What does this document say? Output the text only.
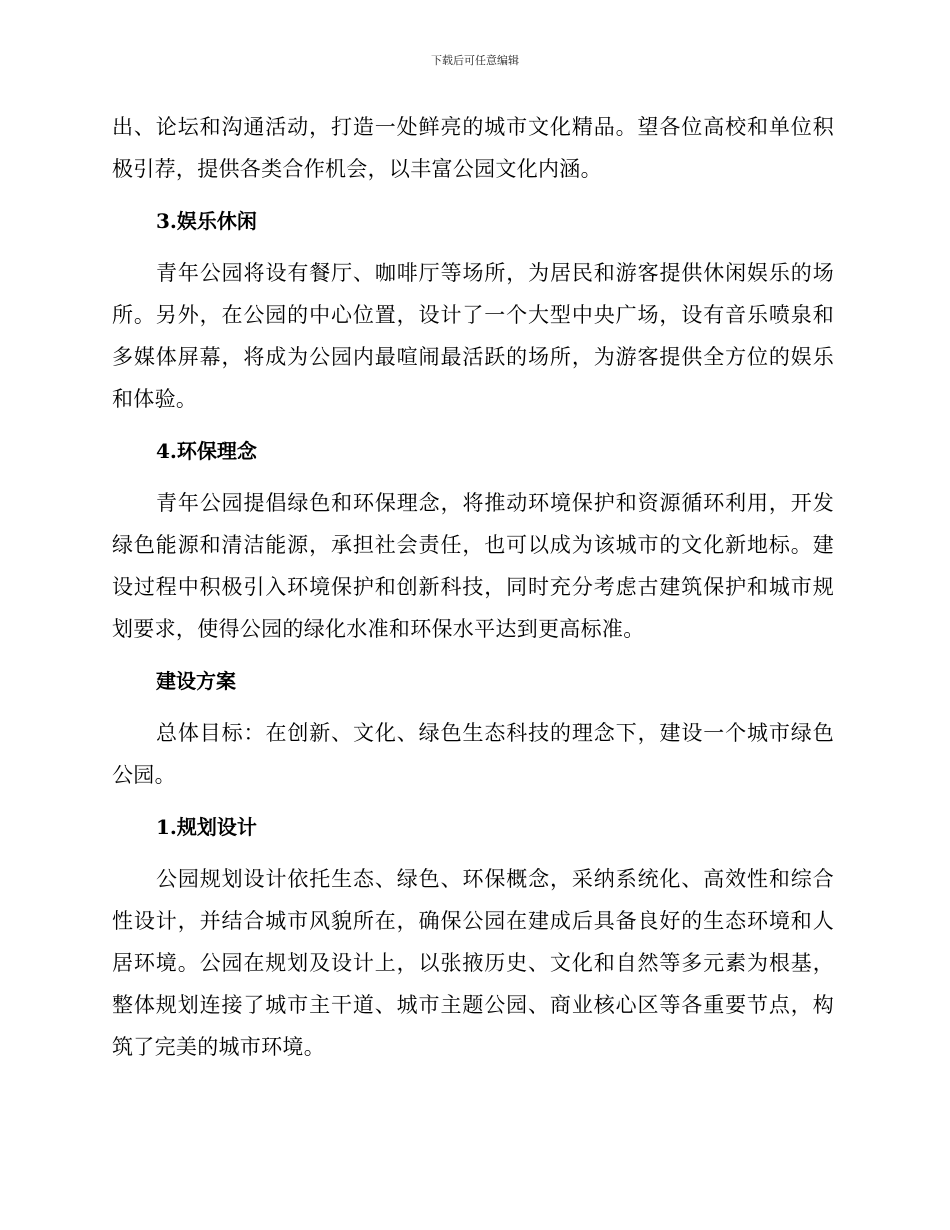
下载后可任意编辑

出、论坛和沟通活动，打造一处鲜亮的城市文化精品。望各位高校和单位积极引荐，提供各类合作机会，以丰富公园文化内涵。

3.娱乐休闲

青年公园将设有餐厅、咖啡厅等场所，为居民和游客提供休闲娱乐的场所。另外，在公园的中心位置，设计了一个大型中央广场，设有音乐喷泉和多媒体屏幕，将成为公园内最喧闹最活跃的场所，为游客提供全方位的娱乐和体验。

4.环保理念

青年公园提倡绿色和环保理念，将推动环境保护和资源循环利用，开发绿色能源和清洁能源，承担社会责任，也可以成为该城市的文化新地标。建设过程中积极引入环境保护和创新科技，同时充分考虑古建筑保护和城市规划要求，使得公园的绿化水准和环保水平达到更高标准。

建设方案

总体目标：在创新、文化、绿色生态科技的理念下，建设一个城市绿色公园。

1.规划设计

公园规划设计依托生态、绿色、环保概念，采纳系统化、高效性和综合性设计，并结合城市风貌所在，确保公园在建成后具备良好的生态环境和人居环境。公园在规划及设计上，以张掖历史、文化和自然等多元素为根基，整体规划连接了城市主干道、城市主题公园、商业核心区等各重要节点，构筑了完美的城市环境。
